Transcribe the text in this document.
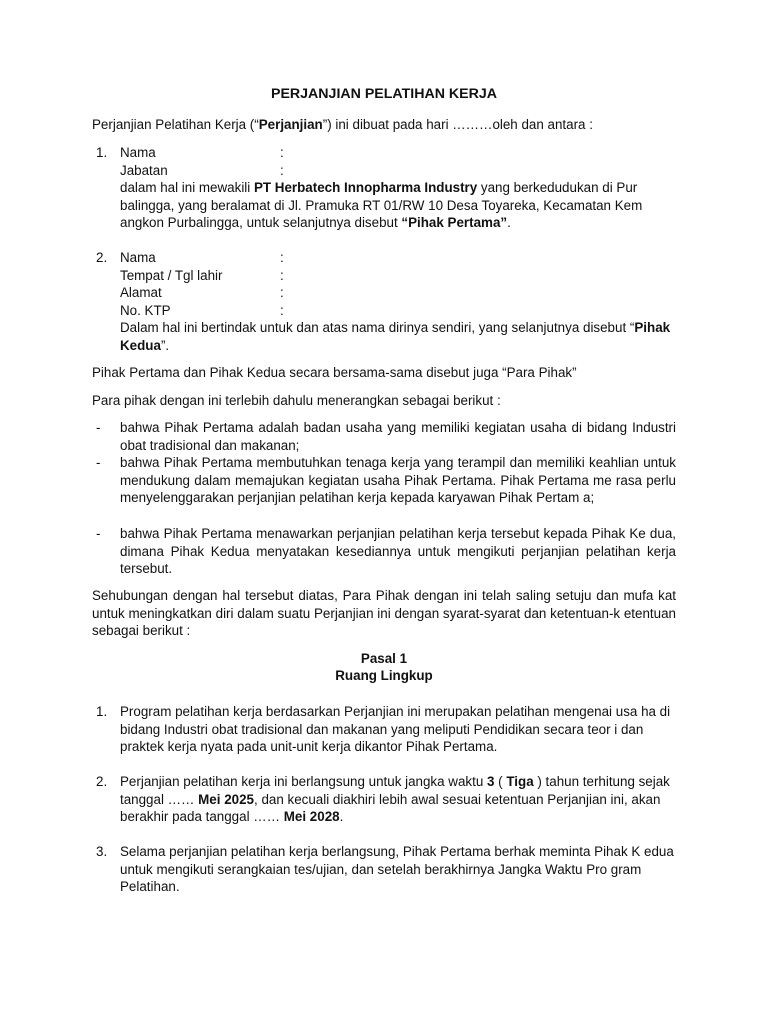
PERJANJIAN PELATIHAN KERJA
Perjanjian Pelatihan Kerja (“Perjanjian”) ini dibuat pada hari ………oleh dan antara :
1. Nama	:
Jabatan	:
dalam hal ini mewakili PT Herbatech Innopharma Industry yang berkedudukan di Pur balingga, yang beralamat di Jl. Pramuka RT 01/RW 10 Desa Toyareka, Kecamatan Kem angkon Purbalingga, untuk selanjutnya disebut “Pihak Pertama”.
2. Nama	:
Tempat / Tgl lahir	:
Alamat	:
No. KTP	:
Dalam hal ini bertindak untuk dan atas nama dirinya sendiri, yang selanjutnya disebut “Pihak Kedua”.
Pihak Pertama dan Pihak Kedua secara bersama-sama disebut juga “Para Pihak”
Para pihak dengan ini terlebih dahulu menerangkan sebagai berikut :
- bahwa Pihak Pertama adalah badan usaha yang memiliki kegiatan usaha di bidang Industri obat tradisional dan makanan;
- bahwa Pihak Pertama membutuhkan tenaga kerja yang terampil dan memiliki keahlian untuk mendukung dalam memajukan kegiatan usaha Pihak Pertama. Pihak Pertama me rasa perlu menyelenggarakan perjanjian pelatihan kerja kepada karyawan Pihak Pertam a;
- bahwa Pihak Pertama menawarkan perjanjian pelatihan kerja tersebut kepada Pihak Ke dua, dimana Pihak Kedua menyatakan kesediannya untuk mengikuti perjanjian pelatihan kerja tersebut.
Sehubungan dengan hal tersebut diatas, Para Pihak dengan ini telah saling setuju dan mufa kat untuk meningkatkan diri dalam suatu Perjanjian ini dengan syarat-syarat dan ketentuan-k etentuan sebagai berikut :
Pasal 1
Ruang Lingkup
1. Program pelatihan kerja berdasarkan Perjanjian ini merupakan pelatihan mengenai usa ha di bidang Industri obat tradisional dan makanan yang meliputi Pendidikan secara teor i dan praktek kerja nyata pada unit-unit kerja dikantor Pihak Pertama.
2. Perjanjian pelatihan kerja ini berlangsung untuk jangka waktu 3 ( Tiga ) tahun terhitung sejak tanggal …… Mei 2025, dan kecuali diakhiri lebih awal sesuai ketentuan Perjanjian ini, akan berakhir pada tanggal …… Mei 2028.
3. Selama perjanjian pelatihan kerja berlangsung, Pihak Pertama berhak meminta Pihak K edua untuk mengikuti serangkaian tes/ujian, dan setelah berakhirnya Jangka Waktu Pro gram Pelatihan.
